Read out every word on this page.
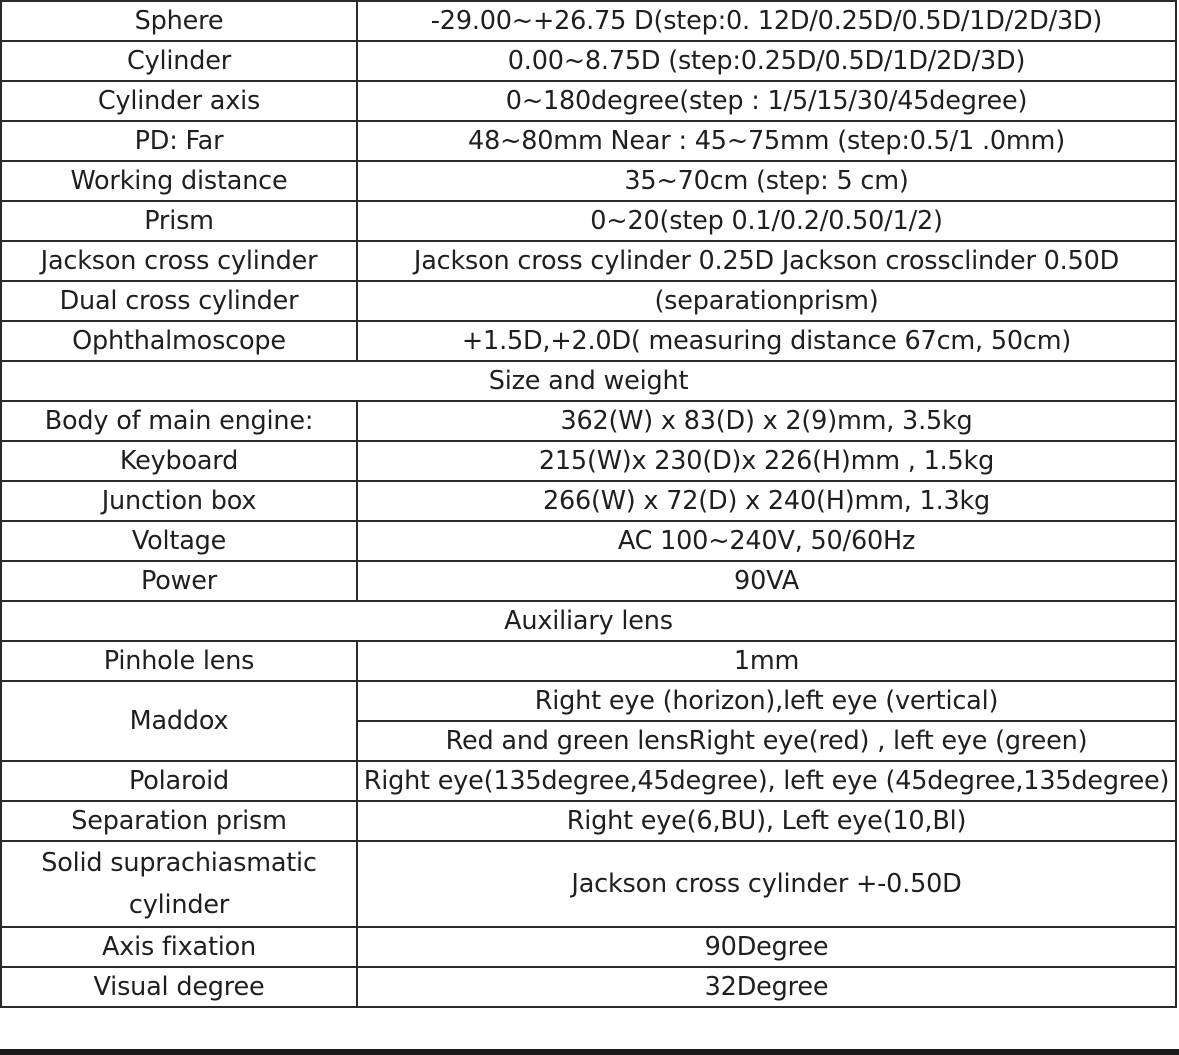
Sphere	-29.00~+26.75 D(step:0. 12D/0.25D/0.5D/1D/2D/3D)
Cylinder	0.00~8.75D (step:0.25D/0.5D/1D/2D/3D)
Cylinder axis	0~180degree(step : 1/5/15/30/45degree)
PD: Far	48~80mm Near : 45~75mm (step:0.5/1 .0mm)
Working distance	35~70cm (step: 5 cm)
Prism	0~20(step 0.1/0.2/0.50/1/2)
Jackson cross cylinder	Jackson cross cylinder 0.25D Jackson crossclinder 0.50D
Dual cross cylinder	(separationprism)
Ophthalmoscope	+1.5D,+2.0D( measuring distance 67cm, 50cm)
Size and weight	
Body of main engine:	362(W) x 83(D) x 2(9)mm, 3.5kg
Keyboard	215(W)x 230(D)x 226(H)mm , 1.5kg
Junction box	266(W) x 72(D) x 240(H)mm, 1.3kg
Voltage	AC 100~240V, 50/60Hz
Power	90VA
Auxiliary lens	
Pinhole lens	1mm
Maddox	Right eye (horizon),left eye (vertical)
	Red and green lensRight eye(red) , left eye (green)
Polaroid	Right eye(135degree,45degree), left eye (45degree,135degree)
Separation prism	Right eye(6,BU), Left eye(10,Bl)
Solid suprachiasmatic cylinder	Jackson cross cylinder +-0.50D
Axis fixation	90Degree
Visual degree	32Degree
